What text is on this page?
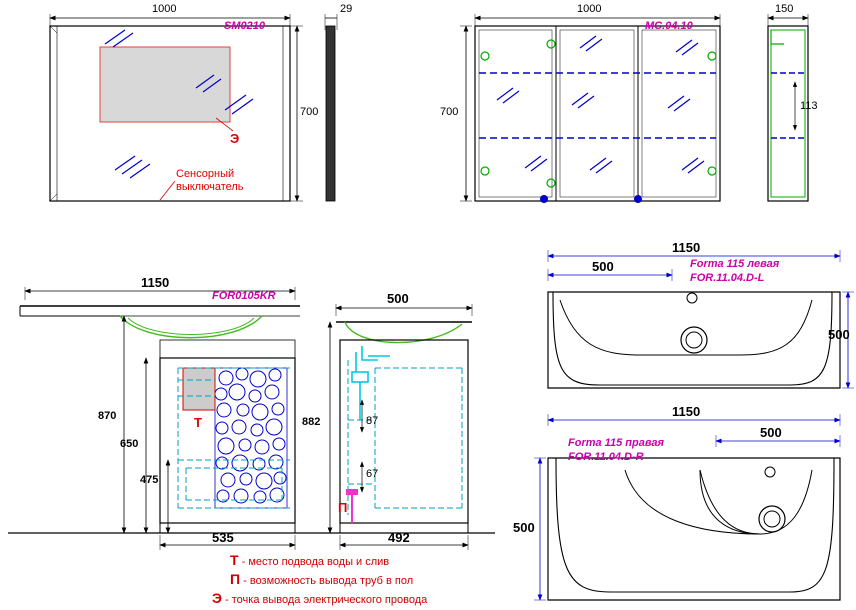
1000
700
29
SM0210
Э
Сенсорный
выключатель
1000
700
150
113
MC.04.10
1150
FOR0105KR
870
650
475
535
Т
500
882	87
67
492
П
1150
500
500
Forma 115 левая
FOR.11.04.D-L
1150
500
500
Forma 115 правая
FOR.11.04.D-R
Т - место подвода воды и слив
П - возможность вывода труб в пол
Э - точка вывода электрического провода
